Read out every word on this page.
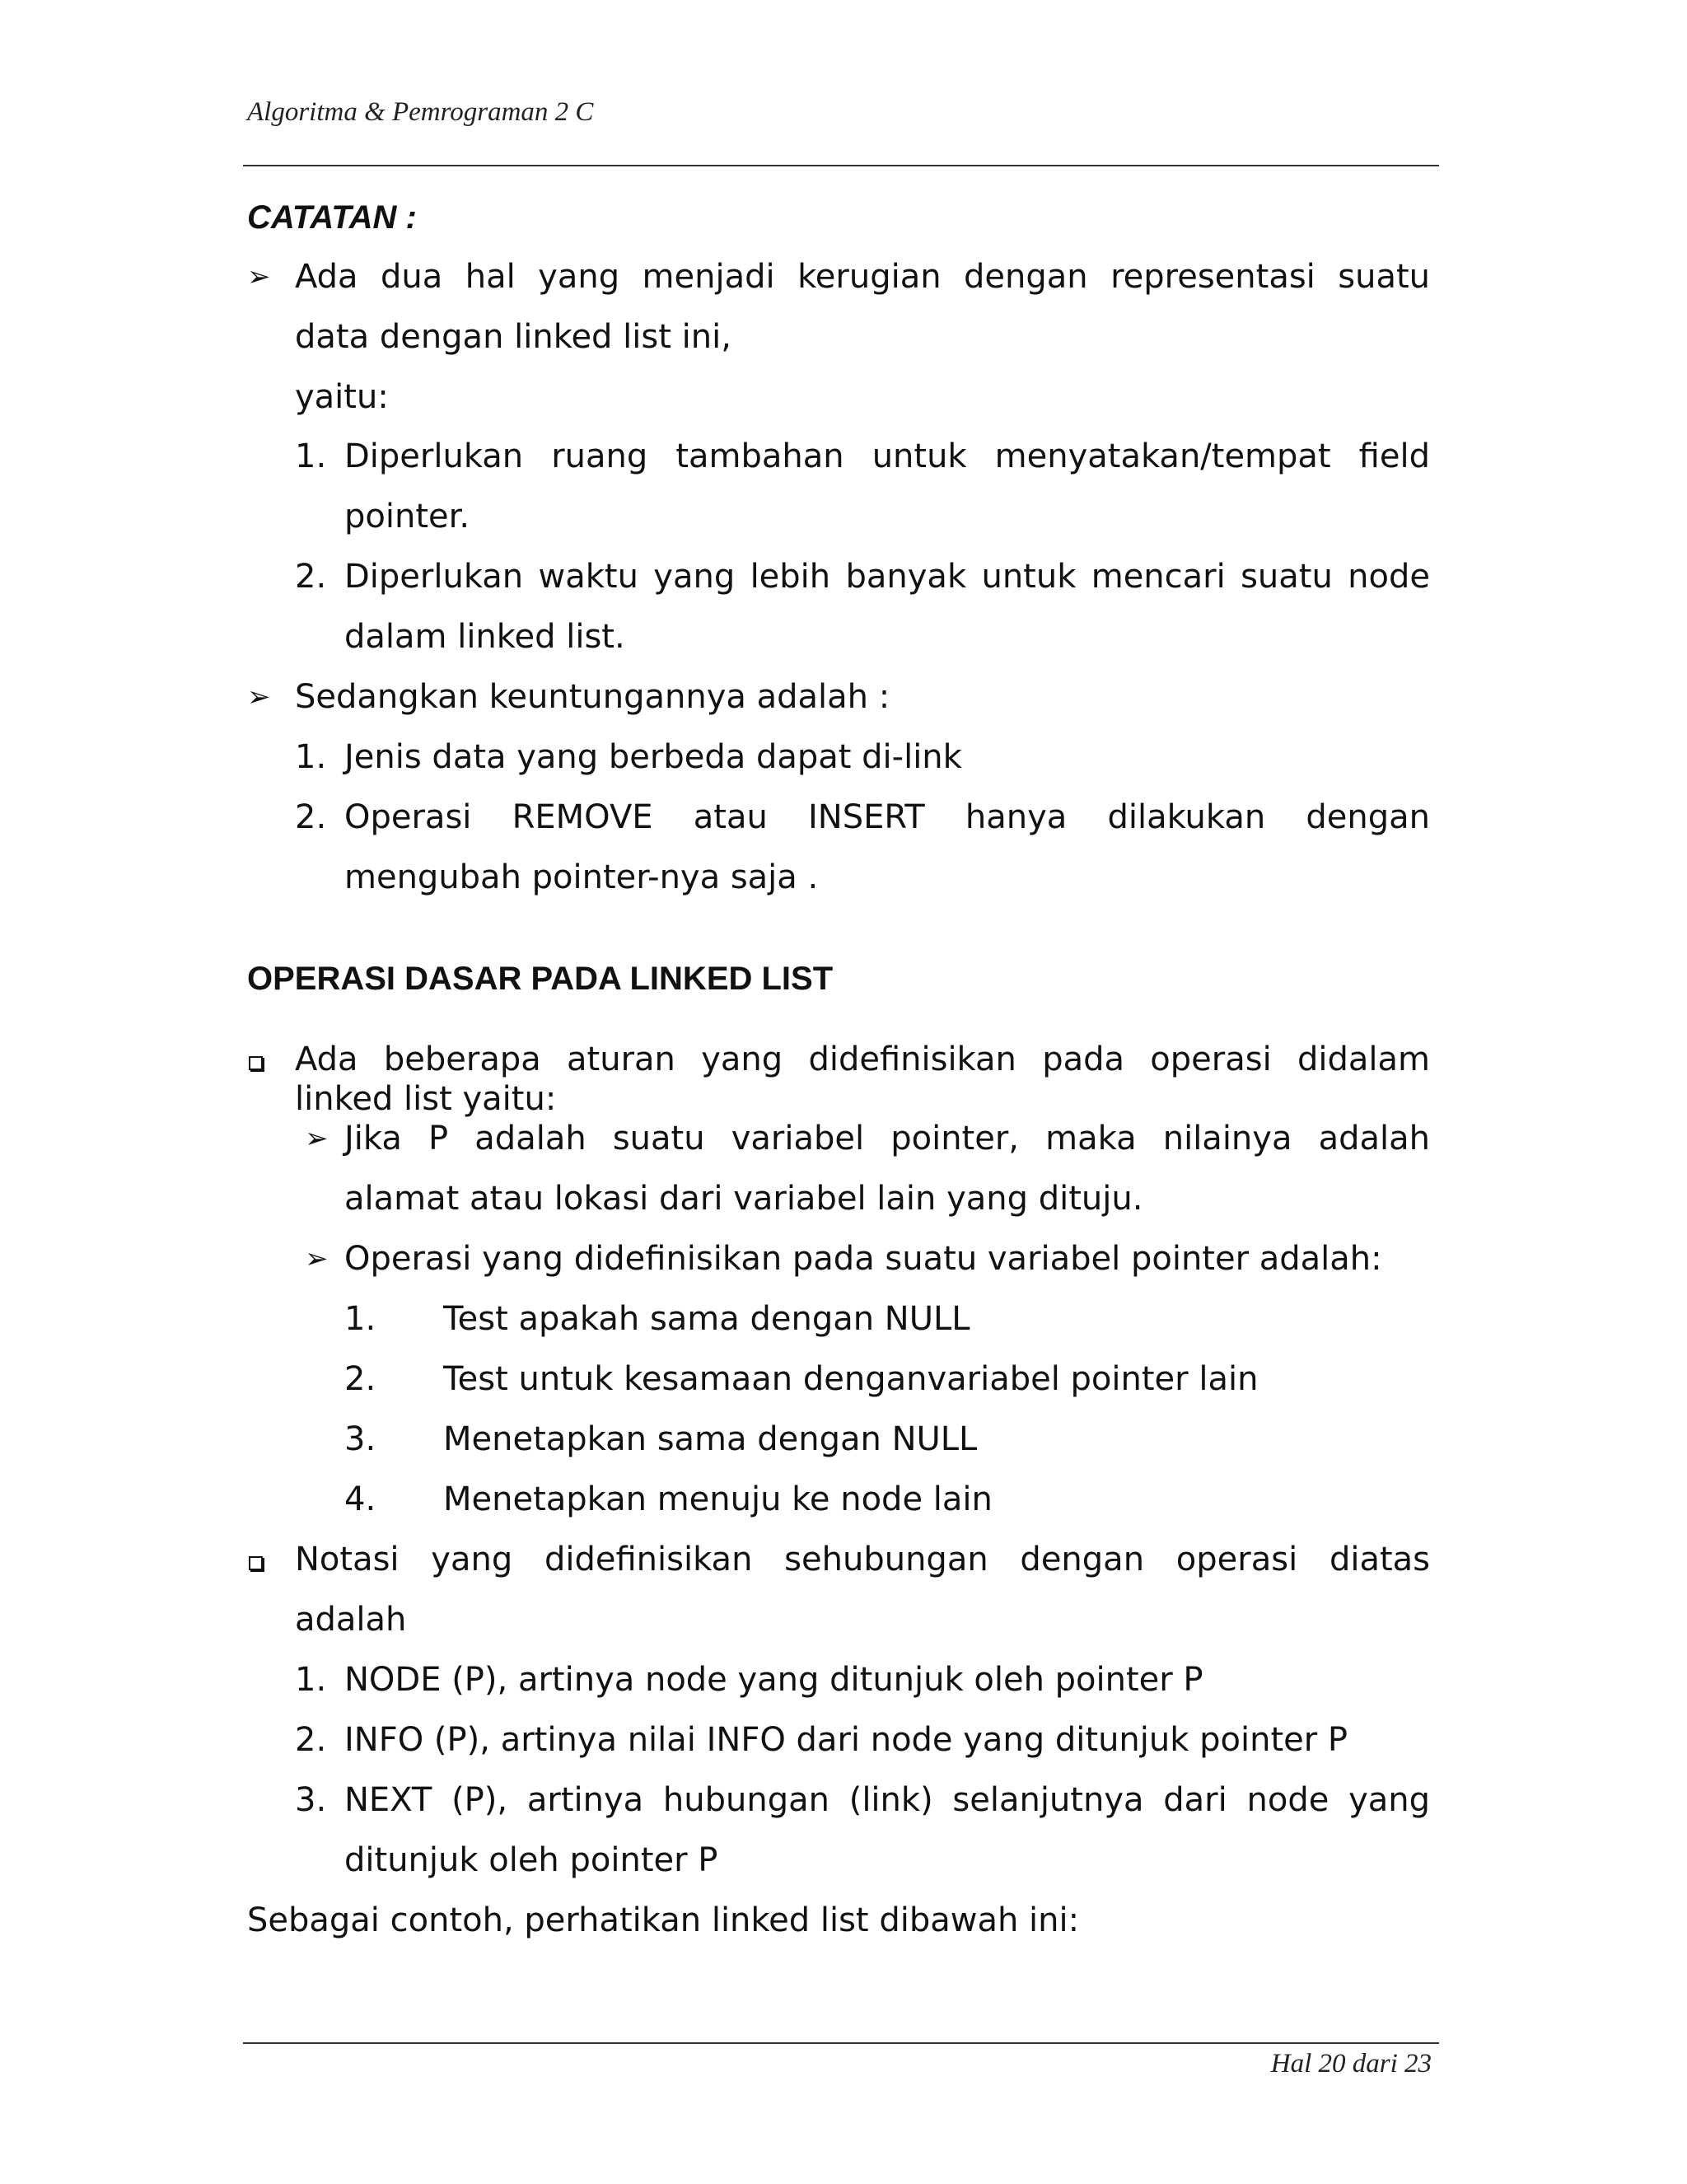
Algoritma & Pemrograman 2 C
CATATAN :
➢ Ada dua hal yang menjadi kerugian dengan representasi suatu
data dengan linked list ini,
yaitu:
1. Diperlukan ruang tambahan untuk menyatakan/tempat field
pointer.
2. Diperlukan waktu yang lebih banyak untuk mencari suatu node
dalam linked list.
➢ Sedangkan keuntungannya adalah :
1. Jenis data yang berbeda dapat di-link
2. Operasi REMOVE atau INSERT hanya dilakukan dengan
mengubah pointer-nya saja .
OPERASI DASAR PADA LINKED LIST
Ada beberapa aturan yang didefinisikan pada operasi didalam
linked list yaitu:
➢ Jika P adalah suatu variabel pointer, maka nilainya adalah
alamat atau lokasi dari variabel lain yang dituju.
➢ Operasi yang didefinisikan pada suatu variabel pointer adalah:
1. Test apakah sama dengan NULL
2. Test untuk kesamaan denganvariabel pointer lain
3. Menetapkan sama dengan NULL
4. Menetapkan menuju ke node lain
Notasi yang didefinisikan sehubungan dengan operasi diatas
adalah
1. NODE (P), artinya node yang ditunjuk oleh pointer P
2. INFO (P), artinya nilai INFO dari node yang ditunjuk pointer P
3. NEXT (P), artinya hubungan (link) selanjutnya dari node yang
ditunjuk oleh pointer P
Sebagai contoh, perhatikan linked list dibawah ini:
Hal 20 dari 23
